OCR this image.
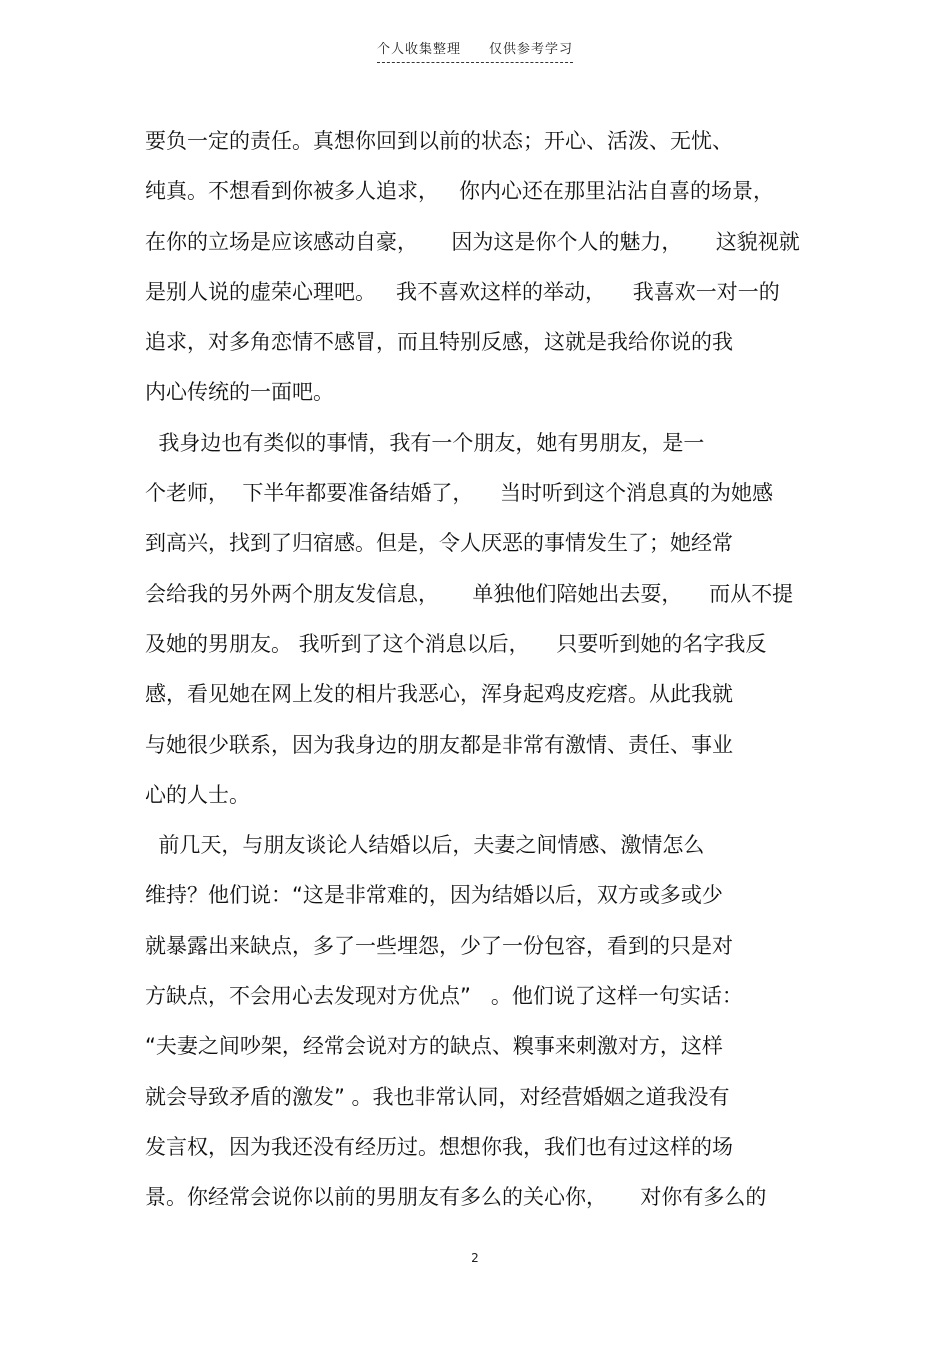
个人收集整理 仅供参考学习
要负一定的责任。真想你回到以前的状态；开心、活泼、无忧、
纯真。不想看到你被多人追求，   你内心还在那里沾沾自喜的场景，
在你的立场是应该感动自豪，     因为这是你个人的魅力，     这貌视就
是别人说的虚荣心理吧。   我不喜欢这样的举动，    我喜欢一对一的
追求，对多角恋情不感冒，而且特别反感，这就是我给你说的我
内心传统的一面吧。
我身边也有类似的事情，我有一个朋友，她有男朋友，是一
个老师，  下半年都要准备结婚了，    当时听到这个消息真的为她感
到高兴，找到了归宿感。但是，令人厌恶的事情发生了；她经常
会给我的另外两个朋友发信息，     单独他们陪她出去耍，    而从不提
及她的男朋友。 我听到了这个消息以后，    只要听到她的名字我反
感，看见她在网上发的相片我恶心，浑身起鸡皮疙瘩。从此我就
与她很少联系，因为我身边的朋友都是非常有激情、责任、事业
心的人士。
前几天，与朋友谈论人结婚以后，夫妻之间情感、激情怎么
维持？他们说：“这是非常难的，因为结婚以后，双方或多或少
就暴露出来缺点，多了一些埋怨，少了一份包容，看到的只是对
方缺点，不会用心去发现对方优点”   。他们说了这样一句实话：
“夫妻之间吵架，经常会说对方的缺点、糗事来刺激对方，这样
就会导致矛盾的激发” 。我也非常认同，对经营婚姻之道我没有
发言权，因为我还没有经历过。想想你我，我们也有过这样的场
景。你经常会说你以前的男朋友有多么的关心你，     对你有多么的
2
